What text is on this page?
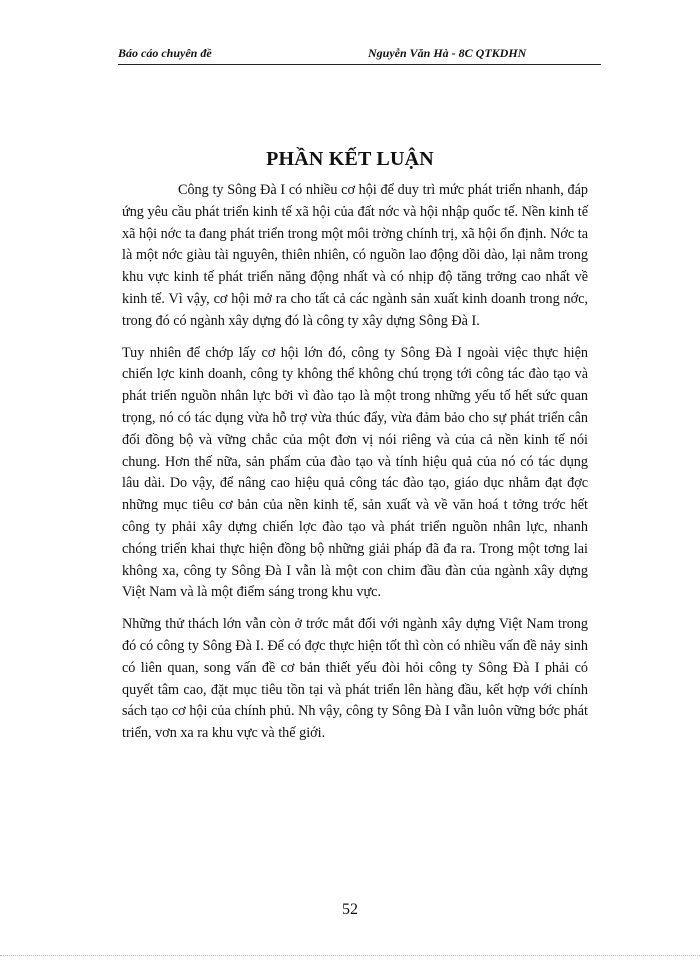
Báo cáo chuyên đề	Nguyễn Văn Hà - 8C QTKDHN
PHẦN KẾT LUẬN

Công ty Sông Đà I có nhiều cơ hội để duy trì mức phát triển nhanh, đáp ứng yêu cầu phát triển kinh tế xã hội của đất nớc và hội nhập quốc tế. Nền kinh tế xã hội nớc ta đang phát triển trong một môi trờng chính trị, xã hội ổn định. Nớc ta là một nớc giàu tài nguyên, thiên nhiên, có nguồn lao động dồi dào, lại nằm trong khu vực kinh tế phát triển năng động nhất và có nhịp độ tăng trởng cao nhất về kinh tế. Vì vậy, cơ hội mở ra cho tất cả các ngành sản xuất kinh doanh trong nớc, trong đó có ngành xây dựng đó là công ty xây dựng Sông Đà I.

Tuy nhiên để chớp lấy cơ hội lớn đó, công ty Sông Đà I ngoài việc thực hiện chiến lợc kinh doanh, công ty không thể không chú trọng tới công tác đào tạo và phát triển nguồn nhân lực bởi vì đào tạo là một trong những yếu tố hết sức quan trọng, nó có tác dụng vừa hỗ trợ vừa thúc đẩy, vừa đảm bảo cho sự phát triển cân đối đồng bộ và vững chắc của một đơn vị nói riêng và của cả nền kinh tế nói chung. Hơn thế nữa, sản phẩm của đào tạo và tính hiệu quả của nó có tác dụng lâu dài. Do vậy, để nâng cao hiệu quả công tác đào tạo, giáo dục nhằm đạt đợc những mục tiêu cơ bản của nền kinh tế, sản xuất và về văn hoá t tởng trớc hết công ty phải xây dựng chiến lợc đào tạo và phát triển nguồn nhân lực, nhanh chóng triển khai thực hiện đồng bộ những giải pháp đã đa ra. Trong một tơng lai không xa, công ty Sông Đà I vẫn là một con chim đầu đàn của ngành xây dựng Việt Nam và là một điểm sáng trong khu vực.

Những thử thách lớn vẫn còn ở trớc mắt đối với ngành xây dựng Việt Nam trong đó có công ty Sông Đà I. Để có đợc thực hiện tốt thì còn có nhiều vấn đề nảy sinh có liên quan, song vấn đề cơ bản thiết yếu đòi hỏi công ty Sông Đà I phải có quyết tâm cao, đặt mục tiêu tồn tại và phát triển lên hàng đầu, kết hợp với chính sách tạo cơ hội của chính phủ. Nh vậy, công ty Sông Đà I vẫn luôn vững bớc phát triển, vơn xa ra khu vực và thế giới.

52
